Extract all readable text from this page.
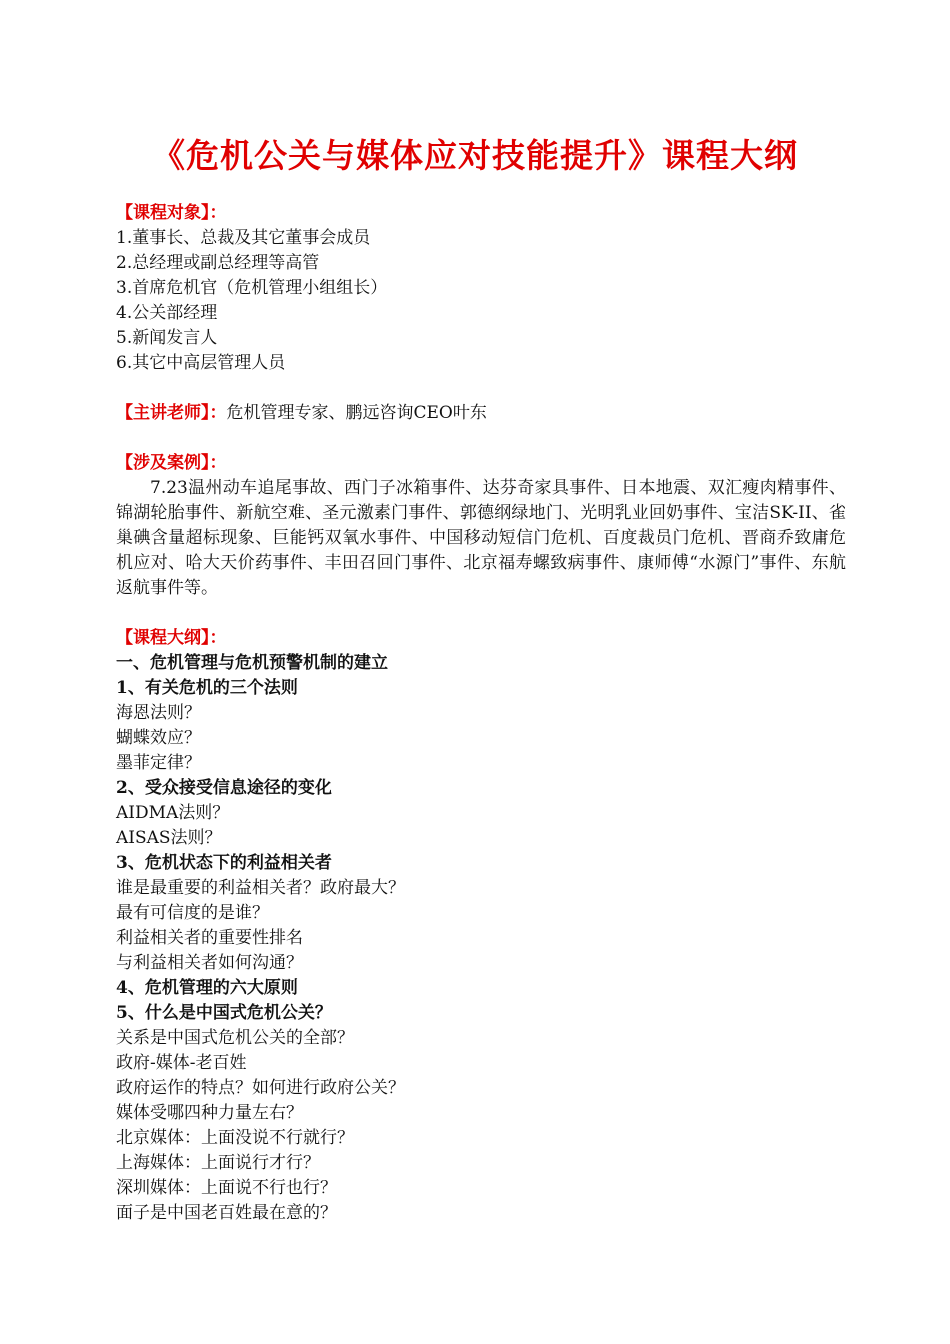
《危机公关与媒体应对技能提升》课程大纲
【课程对象】：
1.董事长、总裁及其它董事会成员
2.总经理或副总经理等高管
3.首席危机官（危机管理小组组长）
4.公关部经理
5.新闻发言人
6.其它中高层管理人员
【主讲老师】：危机管理专家、鹏远咨询CEO叶东
【涉及案例】：
7.23温州动车追尾事故、西门子冰箱事件、达芬奇家具事件、日本地震、双汇瘦肉精事件、锦湖轮胎事件、新航空难、圣元激素门事件、郭德纲绿地门、光明乳业回奶事件、宝洁SK-II、雀巢碘含量超标现象、巨能钙双氧水事件、中国移动短信门危机、百度裁员门危机、晋商乔致庸危机应对、哈大天价药事件、丰田召回门事件、北京福寿螺致病事件、康师傅“水源门”事件、东航返航事件等。
【课程大纲】：
一、危机管理与危机预警机制的建立
1、有关危机的三个法则
海恩法则？
蝴蝶效应？
墨菲定律？
2、受众接受信息途径的变化
AIDMA法则？
AISAS法则？
3、危机状态下的利益相关者
谁是最重要的利益相关者？政府最大？
最有可信度的是谁？
利益相关者的重要性排名
与利益相关者如何沟通？
4、危机管理的六大原则
5、什么是中国式危机公关？
关系是中国式危机公关的全部？
政府-媒体-老百姓
政府运作的特点？如何进行政府公关？
媒体受哪四种力量左右？
北京媒体：上面没说不行就行？
上海媒体：上面说行才行？
深圳媒体：上面说不行也行？
面子是中国老百姓最在意的？
